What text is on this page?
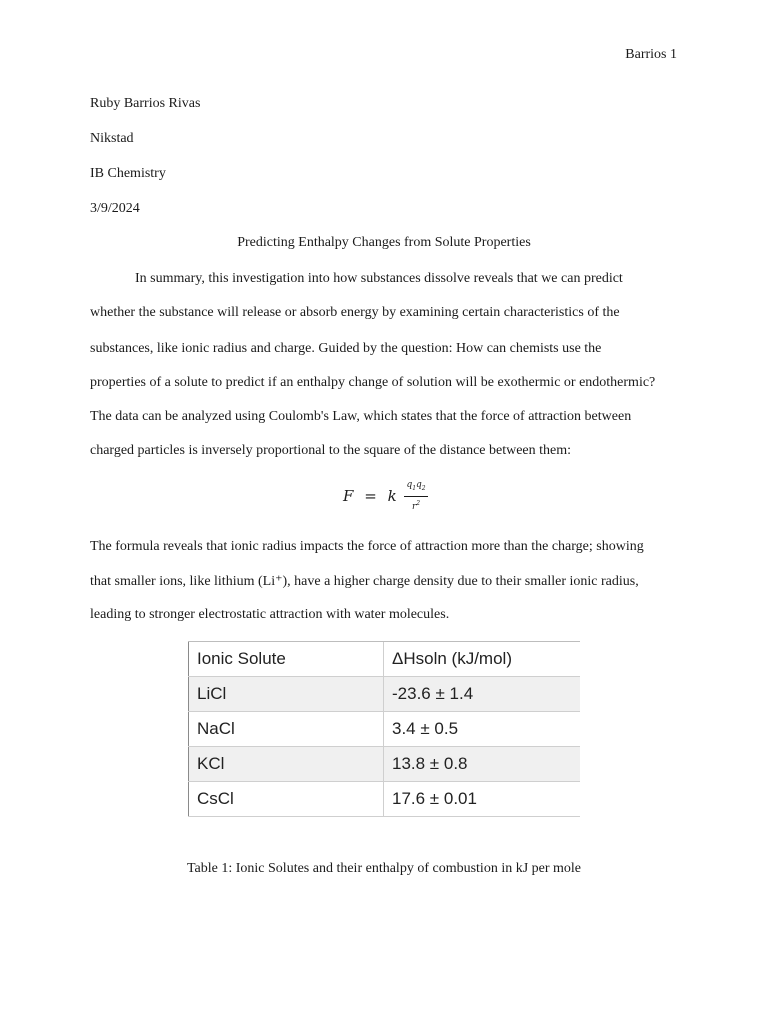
Barrios 1
Ruby Barrios Rivas
Nikstad
IB Chemistry
3/9/2024
Predicting Enthalpy Changes from Solute Properties
In summary, this investigation into how substances dissolve reveals that we can predict
whether the substance will release or absorb energy by examining certain characteristics of the
substances, like ionic radius and charge. Guided by the question: How can chemists use the
properties of a solute to predict if an enthalpy change of solution will be exothermic or endothermic?
The data can be analyzed using Coulomb's Law, which states that the force of attraction between
charged particles is inversely proportional to the square of the distance between them:
F = k $\frac{q_1q_2}{r^2}$
The formula reveals that ionic radius impacts the force of attraction more than the charge; showing
that smaller ions, like lithium (Li⁺), have a higher charge density due to their smaller ionic radius,
leading to stronger electrostatic attraction with water molecules.
Ionic Solute	ΔHsoln (kJ/mol)
LiCl	-23.6 ± 1.4
NaCl	3.4 ± 0.5
KCl	13.8 ± 0.8
CsCl	17.6 ± 0.01
Table 1: Ionic Solutes and their enthalpy of combustion in kJ per mole
